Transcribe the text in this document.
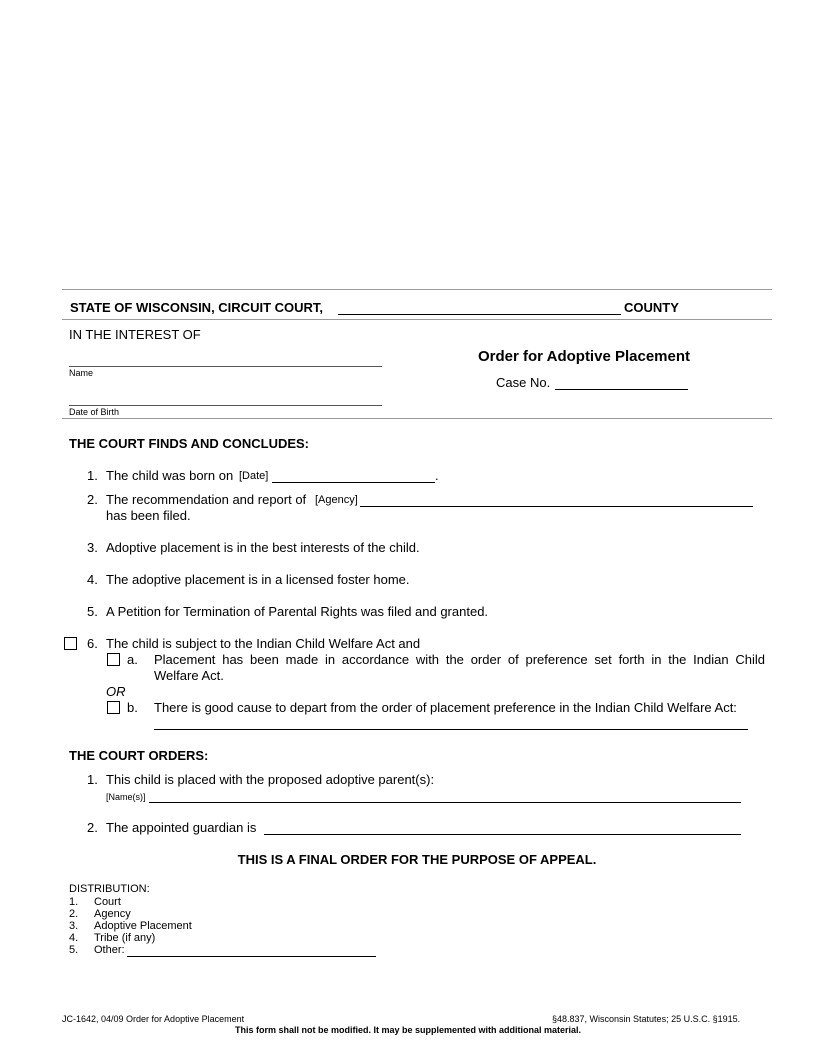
STATE OF WISCONSIN, CIRCUIT COURT,	COUNTY
IN THE INTEREST OF
Order for Adoptive Placement
Name
Case No.
Date of Birth
THE COURT FINDS AND CONCLUDES:
1. The child was born on [Date]	.
2. The recommendation and report of [Agency]
has been filed.
3. Adoptive placement is in the best interests of the child.
4. The adoptive placement is in a licensed foster home.
5. A Petition for Termination of Parental Rights was filed and granted.
6. The child is subject to the Indian Child Welfare Act and
a. Placement has been made in accordance with the order of preference set forth in the Indian Child
Welfare Act.
OR
b. There is good cause to depart from the order of placement preference in the Indian Child Welfare Act:
THE COURT ORDERS:
1. This child is placed with the proposed adoptive parent(s):
[Name(s)]
2. The appointed guardian is
THIS IS A FINAL ORDER FOR THE PURPOSE OF APPEAL.
DISTRIBUTION:
1. Court
2. Agency
3. Adoptive Placement
4. Tribe (if any)
5. Other:
JC-1642, 04/09 Order for Adoptive Placement	§48.837, Wisconsin Statutes; 25 U.S.C. §1915.
This form shall not be modified. It may be supplemented with additional material.
